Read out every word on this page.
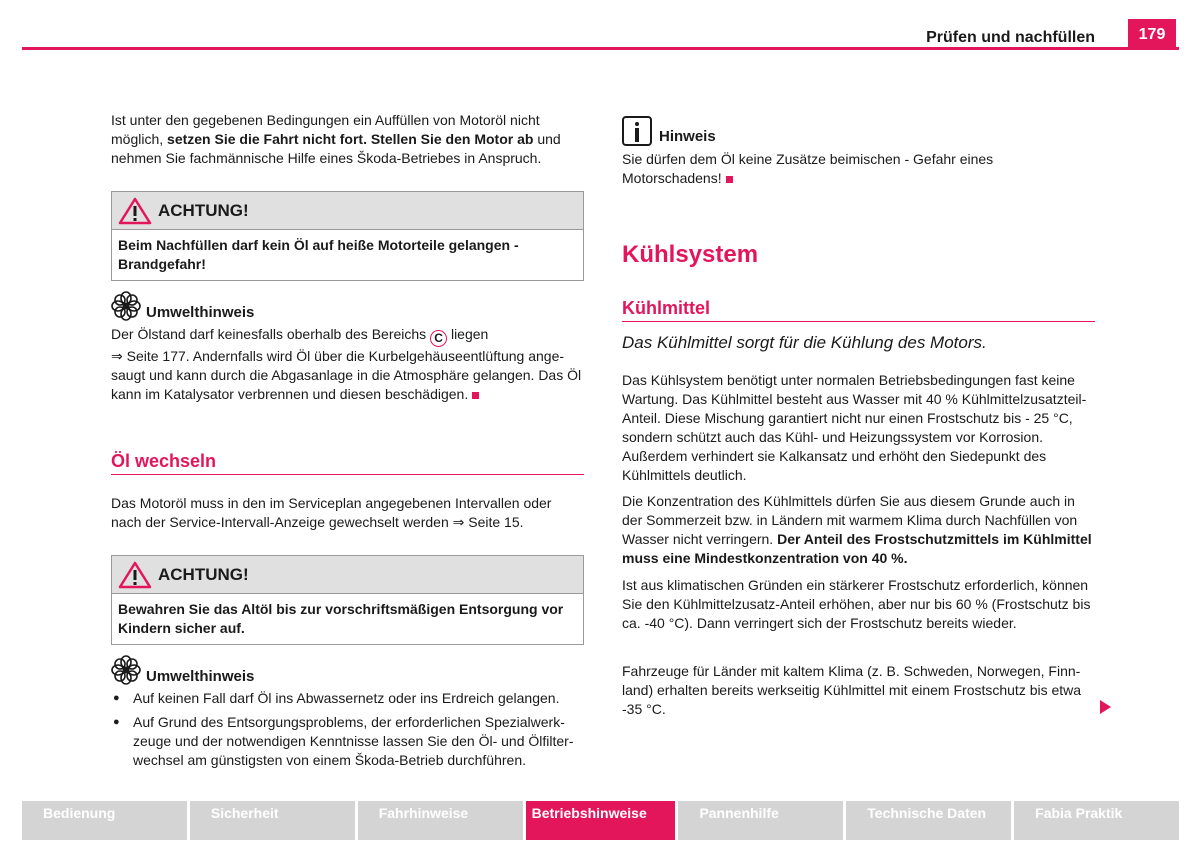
Prüfen und nachfüllen	179

Ist unter den gegebenen Bedingungen ein Auffüllen von Motoröl nicht möglich, setzen Sie die Fahrt nicht fort. Stellen Sie den Motor ab und nehmen Sie fachmännische Hilfe eines Škoda-Betriebes in Anspruch.

ACHTUNG!
Beim Nachfüllen darf kein Öl auf heiße Motorteile gelangen - Brandgefahr!
Umwelthinweis

Der Ölstand darf keinesfalls oberhalb des Bereichs C liegen
⇒ Seite 177. Andernfalls wird Öl über die Kurbelgehäuseentlüftung angesaugt und kann durch die Abgasanlage in die Atmosphäre gelangen. Das Öl kann im Katalysator verbrennen und diesen beschädigen.

Öl wechseln

Das Motoröl muss in den im Serviceplan angegebenen Intervallen oder nach der Service-Intervall-Anzeige gewechselt werden ⇒ Seite 15.

ACHTUNG!
Bewahren Sie das Altöl bis zur vorschriftsmäßigen Entsorgung vor Kindern sicher auf.
Umwelthinweis
● Auf keinen Fall darf Öl ins Abwassernetz oder ins Erdreich gelangen.
● Auf Grund des Entsorgungsproblems, der erforderlichen Spezialwerkzeuge und der notwendigen Kenntnisse lassen Sie den Öl- und Ölfilterwechsel am günstigsten von einem Škoda-Betrieb durchführen.
Hinweis

Sie dürfen dem Öl keine Zusätze beimischen - Gefahr eines Motorschadens!

Kühlsystem
Kühlmittel

Das Kühlmittel sorgt für die Kühlung des Motors.

Das Kühlsystem benötigt unter normalen Betriebsbedingungen fast keine Wartung. Das Kühlmittel besteht aus Wasser mit 40 % Kühlmittelzusatzteil-Anteil. Diese Mischung garantiert nicht nur einen Frostschutz bis - 25 °C, sondern schützt auch das Kühl- und Heizungssystem vor Korrosion. Außerdem verhindert sie Kalkansatz und erhöht den Siedepunkt des Kühlmittels deutlich.

Die Konzentration des Kühlmittels dürfen Sie aus diesem Grunde auch in der Sommerzeit bzw. in Ländern mit warmem Klima durch Nachfüllen von Wasser nicht verringern. Der Anteil des Frostschutzmittels im Kühlmittel muss eine Mindestkonzentration von 40 %.

Ist aus klimatischen Gründen ein stärkerer Frostschutz erforderlich, können Sie den Kühlmittelzusatz-Anteil erhöhen, aber nur bis 60 % (Frostschutz bis ca. -40 °C). Dann verringert sich der Frostschutz bereits wieder.

Fahrzeuge für Länder mit kaltem Klima (z. B. Schweden, Norwegen, Finnland) erhalten bereits werkseitig Kühlmittel mit einem Frostschutz bis etwa -35 °C.

Bedienung	Sicherheit	Fahrhinweise	Betriebshinweise	Pannenhilfe	Technische Daten	Fabia Praktik
